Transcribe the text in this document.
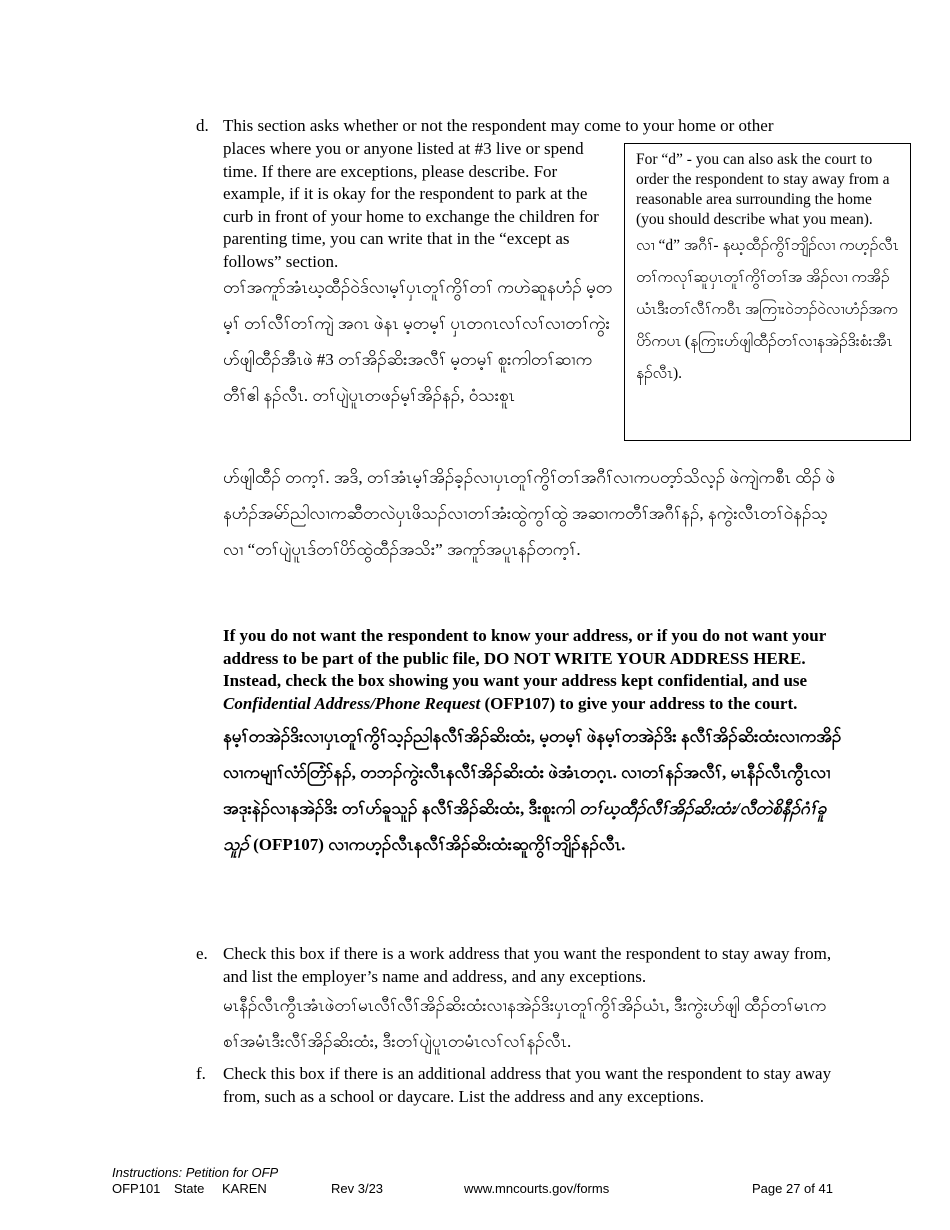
d. This section asks whether or not the respondent may come to your home or other

places where you or anyone listed at #3 live or spend time. If there are exceptions, please describe. For example, if it is okay for the respondent to park at the curb in front of your home to exchange the children for parenting time, you can write that in the “except as follows” section.

တၢ်အကူာ်အံၤဃ့ထီၣ်ဝဲဒ်လၢမ့ၢ်ပှၤတူၢ်ကွိၢ်တၢ် ကဟဲဆူနဟံၣ် မ့တမ့ၢ် တၢ်လီၢ်တၢ်ကျဲ အဂၤ ဖဲနၤ မ့တမ့ၢ် ပှၤတဂၤလၢ်လၢ်လၢတၢ်ကွဲးဟ်ဖျါထီၣ်အီၤဖဲ #3 တၢ်အိၣ်ဆိးအလီၢ် မ့တမ့ၢ် စူးကါတၢ်ဆၢကတီၢ်ဧါ နၣ်လီၤ. တၢ်ပျဲပူၤတဖၣ်မ့ၢ်အိၣ်နၣ်, ဝံသးစူၤ

ဟ်ဖျါထီၣ် တက့ၢ်. အဒိ, တၢ်အံၤမ့ၢ်အိၣ်ခ့ၣ်လၢပှၤတူၢ်ကွိၢ်တၢ်အဂီၢ်လၢကပတ့ာ်သိလ့ၣ် ဖဲကျဲကစီၤ ထိၣ် ဖဲနဟံၣ်အမ်ာ်ညါလၢကဆီတလဲပှၤဖိသၣ်လၢတၢ်အံးထွဲကွၢ်ထွဲ အဆၢကတီၢ်အဂီၢ်နၣ်, နကွဲးလီၤတၢ်ဝဲနၣ်သ့လၢ “တၢ်ပျဲပူၤဒ်တၢ်ပိာ်ထွဲထီၣ်အသိး” အကူာ်အပူၤနၣ်တက့ၢ်.

For “d” - you can also ask the court to order the respondent to stay away from a reasonable area surrounding the home (you should describe what you mean).

လၢ “d” အဂီၢ်- နဃ့ထီၣ်ကွိၢ်ဘျိၣ်လၢ ကဟ့ၣ်လီၤတၢ်ကလုၢ်ဆူပှၤတူၢ်ကွိၢ်တၢ်အ အိၣ်လၢ ကအိၣ်ယံၤဒီးတၢ်လီၢ်ကဝီၤ အကြၢးဝဲဘၣ်ဝဲလၢဟံၣ်အကပိာ်ကပၤ (နကြၢးဟ်ဖျါထီၣ်တၢ်လၢနအဲၣ်ဒိးစံးအီၤ နၣ်လီၤ).

If you do not want the respondent to know your address, or if you do not want your address to be part of the public file, DO NOT WRITE YOUR ADDRESS HERE. Instead, check the box showing you want your address kept confidential, and use Confidential Address/Phone Request (OFP107) to give your address to the court.

နမ့ၢ်တအဲၣ်ဒိးလၢပှၤတူၢ်ကွိၢ်သ့ၣ်ညါနလီၢ်အိၣ်ဆိးထံး, မ့တမ့ၢ် ဖဲနမ့ၢ်တအဲၣ်ဒိး နလီၢ်အိၣ်ဆိးထံးလၢကအိၣ်လၢကမျၢၢ်လံာ်တြံာ်နၣ်, တဘၣ်ကွဲးလီၤနလီၢ်အိၣ်ဆိးထံး ဖဲအံၤတဂ့ၤ. လၢတၢ်နၣ်အလီၢ်, မၤနီၣ်လီၤကွီၤလၢအဒုးနဲၣ်လၢနအဲၣ်ဒိး တၢ်ဟ်ခူသူၣ် နလီၢ်အိၣ်ဆိးထံး, ဒီးစူးကါ တၢ်ဃ့ထီၣ်လီၢ်အိၣ်ဆိးထံး/လီတဲစိနီၣ်ဂံၢ်ခူသူၣ် (OFP107) လၢကဟ့ၣ်လီၤနလီၢ်အိၣ်ဆိးထံးဆူကွိၢ်ဘျိၣ်နၣ်လီၤ.

e. Check this box if there is a work address that you want the respondent to stay away from, and list the employer’s name and address, and any exceptions.

မၤနီၣ်လီၤကွီၤအံၤဖဲတၢ်မၤလီၢ်လီၢ်အိၣ်ဆိးထံးလၢနအဲၣ်ဒိးပှၤတူၢ်ကွိၢ်အိၣ်ယံၤ, ဒီးကွဲးဟ်ဖျါ ထီၣ်တၢ်မၤကစၢ်အမံၤဒီးလီၢ်အိၣ်ဆိးထံး, ဒီးတၢ်ပျဲပူၤတမံၤလၢ်လၢ်နၣ်လီၤ.

f. Check this box if there is an additional address that you want the respondent to stay away from, such as a school or daycare. List the address and any exceptions.

Instructions: Petition for OFP
OFP101 State KAREN	Rev 3/23	www.mncourts.gov/forms	Page 27 of 41
